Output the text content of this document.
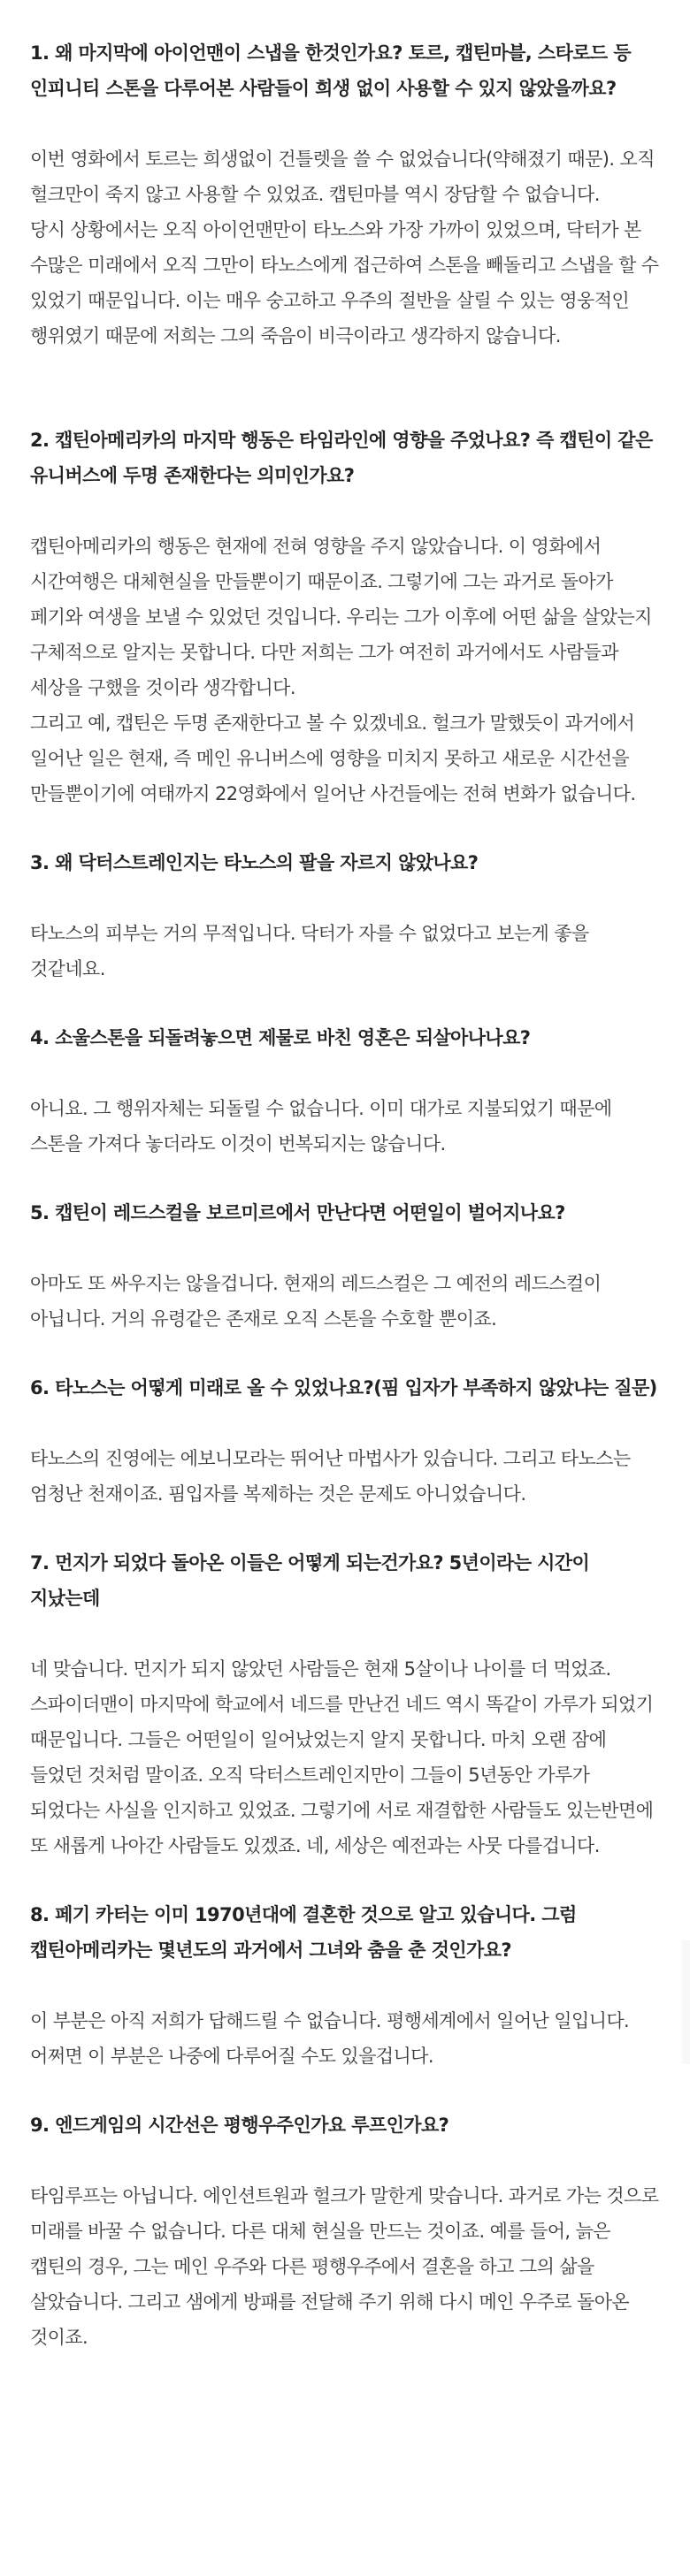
1. 왜 마지막에 아이언맨이 스냅을 한것인가요? 토르, 캡틴마블, 스타로드 등 인피니티 스톤을 다루어본 사람들이 희생 없이 사용할 수 있지 않았을까요?

이번 영화에서 토르는 희생없이 건틀렛을 쓸 수 없었습니다(약해졌기 때문). 오직 헐크만이 죽지 않고 사용할 수 있었죠. 캡틴마블 역시 장담할 수 없습니다.
당시 상황에서는 오직 아이언맨만이 타노스와 가장 가까이 있었으며, 닥터가 본 수많은 미래에서 오직 그만이 타노스에게 접근하여 스톤을 빼돌리고 스냅을 할 수 있었기 때문입니다. 이는 매우 숭고하고 우주의 절반을 살릴 수 있는 영웅적인 행위였기 때문에 저희는 그의 죽음이 비극이라고 생각하지 않습니다.

2. 캡틴아메리카의 마지막 행동은 타임라인에 영향을 주었나요? 즉 캡틴이 같은 유니버스에 두명 존재한다는 의미인가요?

캡틴아메리카의 행동은 현재에 전혀 영향을 주지 않았습니다. 이 영화에서 시간여행은 대체현실을 만들뿐이기 때문이죠. 그렇기에 그는 과거로 돌아가 페기와 여생을 보낼 수 있었던 것입니다. 우리는 그가 이후에 어떤 삶을 살았는지 구체적으로 알지는 못합니다. 다만 저희는 그가 여전히 과거에서도 사람들과 세상을 구했을 것이라 생각합니다.
그리고 예, 캡틴은 두명 존재한다고 볼 수 있겠네요. 헐크가 말했듯이 과거에서 일어난 일은 현재, 즉 메인 유니버스에 영향을 미치지 못하고 새로운 시간선을 만들뿐이기에 여태까지 22영화에서 일어난 사건들에는 전혀 변화가 없습니다.

3. 왜 닥터스트레인지는 타노스의 팔을 자르지 않았나요?

타노스의 피부는 거의 무적입니다. 닥터가 자를 수 없었다고 보는게 좋을 것같네요.

4. 소울스톤을 되돌려놓으면 제물로 바친 영혼은 되살아나나요?

아니요. 그 행위자체는 되돌릴 수 없습니다. 이미 대가로 지불되었기 때문에 스톤을 가져다 놓더라도 이것이 번복되지는 않습니다.

5. 캡틴이 레드스컬을 보르미르에서 만난다면 어떤일이 벌어지나요?

아마도 또 싸우지는 않을겁니다. 현재의 레드스컬은 그 예전의 레드스컬이 아닙니다. 거의 유령같은 존재로 오직 스톤을 수호할 뿐이죠.

6. 타노스는 어떻게 미래로 올 수 있었나요?(핌 입자가 부족하지 않았냐는 질문)

타노스의 진영에는 에보니모라는 뛰어난 마법사가 있습니다. 그리고 타노스는 엄청난 천재이죠. 핌입자를 복제하는 것은 문제도 아니었습니다.

7. 먼지가 되었다 돌아온 이들은 어떻게 되는건가요? 5년이라는 시간이 지났는데

네 맞습니다. 먼지가 되지 않았던 사람들은 현재 5살이나 나이를 더 먹었죠. 스파이더맨이 마지막에 학교에서 네드를 만난건 네드 역시 똑같이 가루가 되었기 때문입니다. 그들은 어떤일이 일어났었는지 알지 못합니다. 마치 오랜 잠에 들었던 것처럼 말이죠. 오직 닥터스트레인지만이 그들이 5년동안 가루가 되었다는 사실을 인지하고 있었죠. 그렇기에 서로 재결합한 사람들도 있는반면에 또 새롭게 나아간 사람들도 있겠죠. 네, 세상은 예전과는 사뭇 다를겁니다.

8. 페기 카터는 이미 1970년대에 결혼한 것으로 알고 있습니다. 그럼 캡틴아메리카는 몇년도의 과거에서 그녀와 춤을 춘 것인가요?

이 부분은 아직 저희가 답해드릴 수 없습니다. 평행세계에서 일어난 일입니다. 어쩌면 이 부분은 나중에 다루어질 수도 있을겁니다.

9. 엔드게임의 시간선은 평행우주인가요 루프인가요?

타임루프는 아닙니다. 에인션트원과 헐크가 말한게 맞습니다. 과거로 가는 것으로 미래를 바꿀 수 없습니다. 다른 대체 현실을 만드는 것이죠. 예를 들어, 늙은 캡틴의 경우, 그는 메인 우주와 다른 평행우주에서 결혼을 하고 그의 삶을 살았습니다. 그리고 샘에게 방패를 전달해 주기 위해 다시 메인 우주로 돌아온 것이죠.
